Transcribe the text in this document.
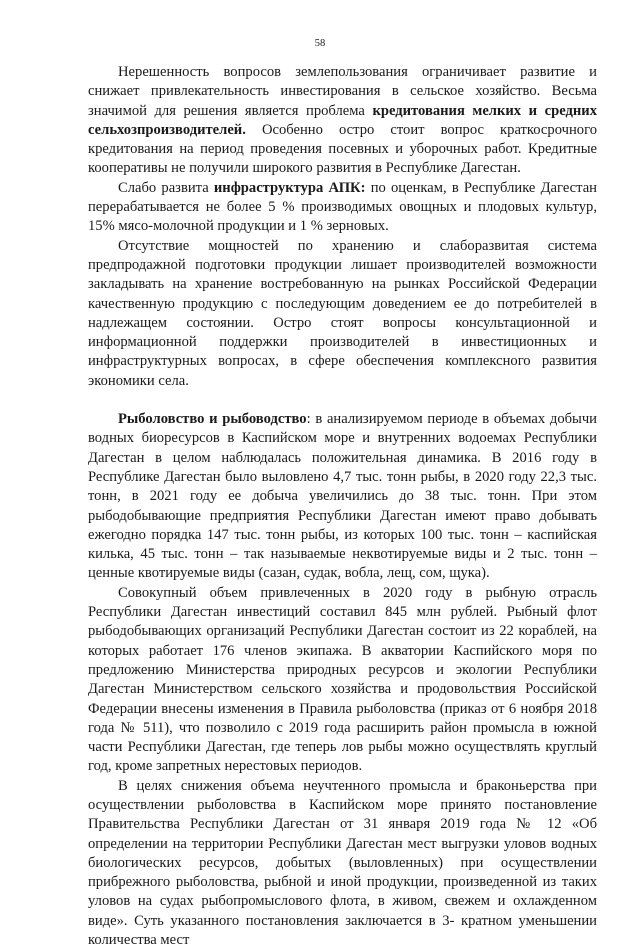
58

Нерешенность вопросов землепользования ограничивает развитие и снижает привлекательность инвестирования в сельское хозяйство. Весьма значимой для решения является проблема кредитования мелких и средних сельхозпроизводителей. Особенно остро стоит вопрос краткосрочного кредитования на период проведения посевных и уборочных работ. Кредитные кооперативы не получили широкого развития в Республике Дагестан.

Слабо развита инфраструктура АПК: по оценкам, в Республике Дагестан перерабатывается не более 5 % производимых овощных и плодовых культур, 15% мясо-молочной продукции и 1 % зерновых.

Отсутствие мощностей по хранению и слаборазвитая система предпродажной подготовки продукции лишает производителей возможности закладывать на хранение востребованную на рынках Российской Федерации качественную продукцию с последующим доведением ее до потребителей в надлежащем состоянии. Остро стоят вопросы консультационной и информационной поддержки производителей в инвестиционных и инфраструктурных вопросах, в сфере обеспечения комплексного развития экономики села.

Рыболовство и рыбоводство: в анализируемом периоде в объемах добычи водных биоресурсов в Каспийском море и внутренних водоемах Республики Дагестан в целом наблюдалась положительная динамика. В 2016 году в Республике Дагестан было выловлено 4,7 тыс. тонн рыбы, в 2020 году 22,3 тыс. тонн, в 2021 году ее добыча увеличились до 38 тыс. тонн. При этом рыбодобывающие предприятия Республики Дагестан имеют право добывать ежегодно порядка 147 тыс. тонн рыбы, из которых 100 тыс. тонн – каспийская килька, 45 тыс. тонн – так называемые неквотируемые виды и 2 тыс. тонн – ценные квотируемые виды (сазан, судак, вобла, лещ, сом, щука).

Совокупный объем привлеченных в 2020 году в рыбную отрасль Республики Дагестан инвестиций составил 845 млн рублей. Рыбный флот рыбодобывающих организаций Республики Дагестан состоит из 22 кораблей, на которых работает 176 членов экипажа. В акватории Каспийского моря по предложению Министерства природных ресурсов и экологии Республики Дагестан Министерством сельского хозяйства и продовольствия Российской Федерации внесены изменения в Правила рыболовства (приказ от 6 ноября 2018 года № 511), что позволило с 2019 года расширить район промысла в южной части Республики Дагестан, где теперь лов рыбы можно осуществлять круглый год, кроме запретных нерестовых периодов.

В целях снижения объема неучтенного промысла и браконьерства при осуществлении рыболовства в Каспийском море принято постановление Правительства Республики Дагестан от 31 января 2019 года № 12 «Об определении на территории Республики Дагестан мест выгрузки уловов водных биологических ресурсов, добытых (выловленных) при осуществлении прибрежного рыболовства, рыбной и иной продукции, произведенной из таких уловов на судах рыбопромыслового флота, в живом, свежем и охлажденном виде». Суть указанного постановления заключается в 3- кратном уменьшении количества мест
